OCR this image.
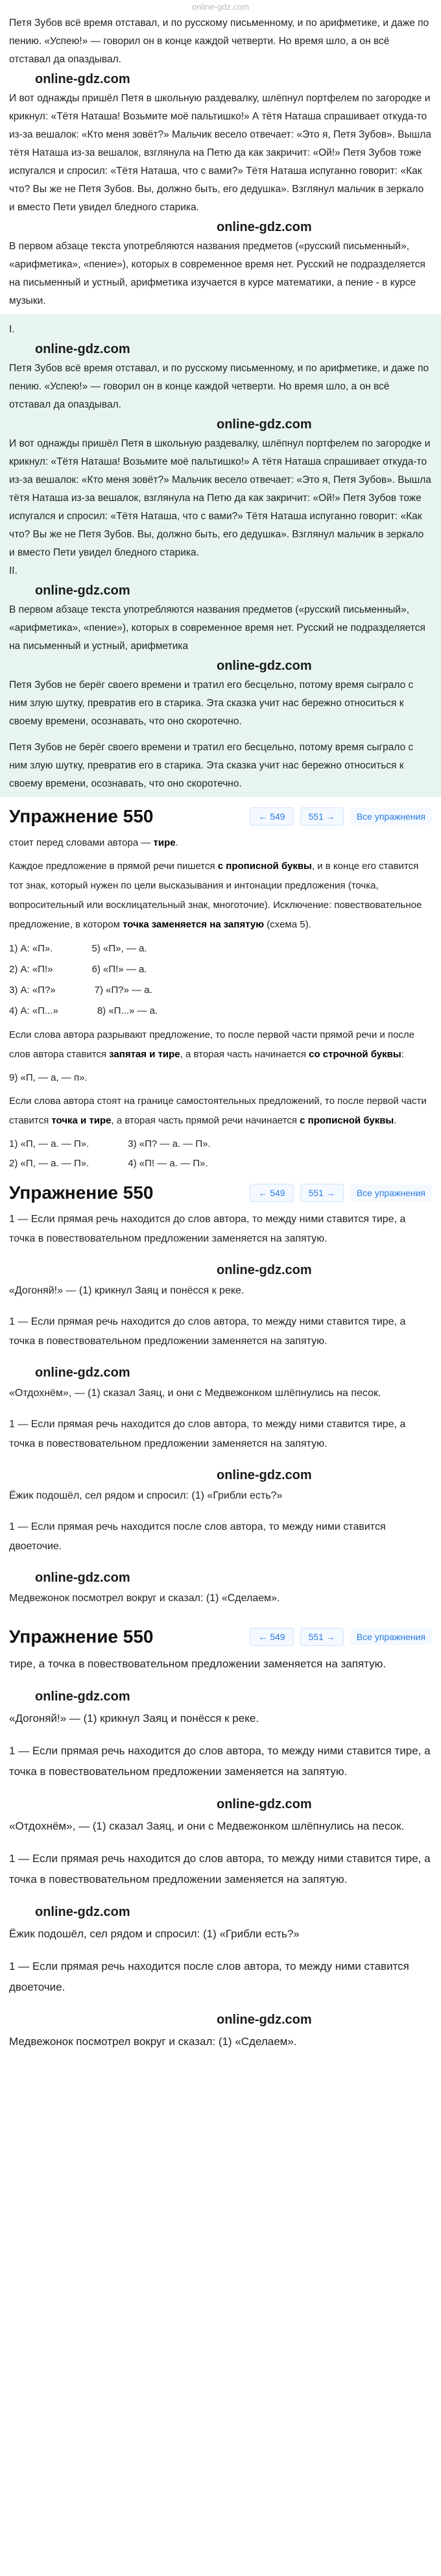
online-gdz.com

Петя Зубов всё время отставал, и по русскому письменному, и по арифметике, и даже по пению. «Успею!» — говорил он в конце каждой четверти. Но время шло, а он всё отставал да опаздывал.

online-gdz.com

И вот однажды пришёл Петя в школьную раздевалку, шлёпнул портфелем по загородке и крикнул: «Тётя Наташа! Возьмите моё пальтишко!» А тётя Наташа спрашивает откуда-то из-за вешалок: «Кто меня зовёт?» Мальчик весело отвечает: «Это я, Петя Зубов». Вышла тётя Наташа из-за вешалок, взглянула на Петю да как закричит: «Ой!» Петя Зубов тоже испугался и спросил: «Тётя Наташа, что с вами?» Тётя Наташа испуганно говорит: «Как что? Вы же не Петя Зубов. Вы, должно быть, его дедушка». Взглянул мальчик в зеркало и вместо Пети увидел бледного старика.

online-gdz.com

В первом абзаце текста употребляются названия предметов («русский письменный», «арифметика», «пение»), которых в современное время нет. Русский не подразделяется на письменный и устный, арифметика изучается в курсе математики, а пение - в курсе музыки.

I.

online-gdz.com

Петя Зубов всё время отставал, и по русскому письменному, и по арифметике, и даже по пению. «Успею!» — говорил он в конце каждой четверти. Но время шло, а он всё отставал да опаздывал.

online-gdz.com

И вот однажды пришёл Петя в школьную раздевалку, шлёпнул портфелем по загородке и крикнул: «Тётя Наташа! Возьмите моё пальтишко!» А тётя Наташа спрашивает откуда-то из-за вешалок: «Кто меня зовёт?» Мальчик весело отвечает: «Это я, Петя Зубов». Вышла тётя Наташа из-за вешалок, взглянула на Петю да как закричит: «Ой!» Петя Зубов тоже испугался и спросил: «Тётя Наташа, что с вами?» Тётя Наташа испуганно говорит: «Как что? Вы же не Петя Зубов. Вы, должно быть, его дедушка». Взглянул мальчик в зеркало и вместо Пети увидел бледного старика.

II.

online-gdz.com

В первом абзаце текста употребляются названия предметов («русский письменный», «арифметика», «пение»), которых в современное время нет. Русский не подразделяется на письменный и устный, арифметика

online-gdz.com

Петя Зубов не берёг своего времени и тратил его бесцельно, потому время сыграло с ним злую шутку, превратив его в старика. Эта сказка учит нас бережно относиться к своему времени, осознавать, что оно скоротечно.

Петя Зубов не берёг своего времени и тратил его бесцельно, потому время сыграло с ним злую шутку, превратив его в старика. Эта сказка учит нас бережно относиться к своему времени, осознавать, что оно скоротечно.

Упражнение 550	← 549	551 →	Все упражнения

стоит перед словами автора — тире.

Каждое предложение в прямой речи пишется с прописной буквы, и в конце его ставится тот знак, который нужен по цели высказывания и интонации предложения (точка, вопросительный или восклицательный знак, многоточие). Исключение: повествовательное предложение, в котором точка заменяется на запятую (схема 5).

1) А: «П».	5) «П», — а.
2) А: «П!»	6) «П!» — а.
3) А: «П?»	7) «П?» — а.
4) А: «П...»	8) «П...» — а.

Если слова автора разрывают предложение, то после первой части прямой речи и после слов автора ставится запятая и тире, а вторая часть начинается со строчной буквы:

9) «П, — а, — п».

Если слова автора стоят на границе самостоятельных предложений, то после первой части ставится точка и тире, а вторая часть прямой речи начинается с прописной буквы.

1) «П, — а. — П».	3) «П? — а. — П».
2) «П, — а. — П».	4) «П! — а. — П».
Упражнение 550	← 549	551 →	Все упражнения

1 — Если прямая речь находится до слов автора, то между ними ставится тире, а точка в повествовательном предложении заменяется на запятую.

online-gdz.com

«Догоняй!» — (1) крикнул Заяц и понёсся к реке.

1 — Если прямая речь находится до слов автора, то между ними ставится тире, а точка в повествовательном предложении заменяется на запятую.

online-gdz.com

«Отдохнём», — (1) сказал Заяц, и они с Медвежонком шлёпнулись на песок.

1 — Если прямая речь находится до слов автора, то между ними ставится тире, а точка в повествовательном предложении заменяется на запятую.

online-gdz.com

Ёжик подошёл, сел рядом и спросил: (1) «Грибли есть?»

1 — Если прямая речь находится после слов автора, то между ними ставится двоеточие.

online-gdz.com

Медвежонок посмотрел вокруг и сказал: (1) «Сделаем».

Упражнение 550	← 549	551 →	Все упражнения

тире, а точка в повествовательном предложении заменяется на запятую.

online-gdz.com

«Догоняй!» — (1) крикнул Заяц и понёсся к реке.

1 — Если прямая речь находится до слов автора, то между ними ставится тире, а точка в повествовательном предложении заменяется на запятую.

online-gdz.com

«Отдохнём», — (1) сказал Заяц, и они с Медвежонком шлёпнулись на песок.

1 — Если прямая речь находится до слов автора, то между ними ставится тире, а точка в повествовательном предложении заменяется на запятую.

online-gdz.com

Ёжик подошёл, сел рядом и спросил: (1) «Грибли есть?»

1 — Если прямая речь находится после слов автора, то между ними ставится двоеточие.

online-gdz.com

Медвежонок посмотрел вокруг и сказал: (1) «Сделаем».
